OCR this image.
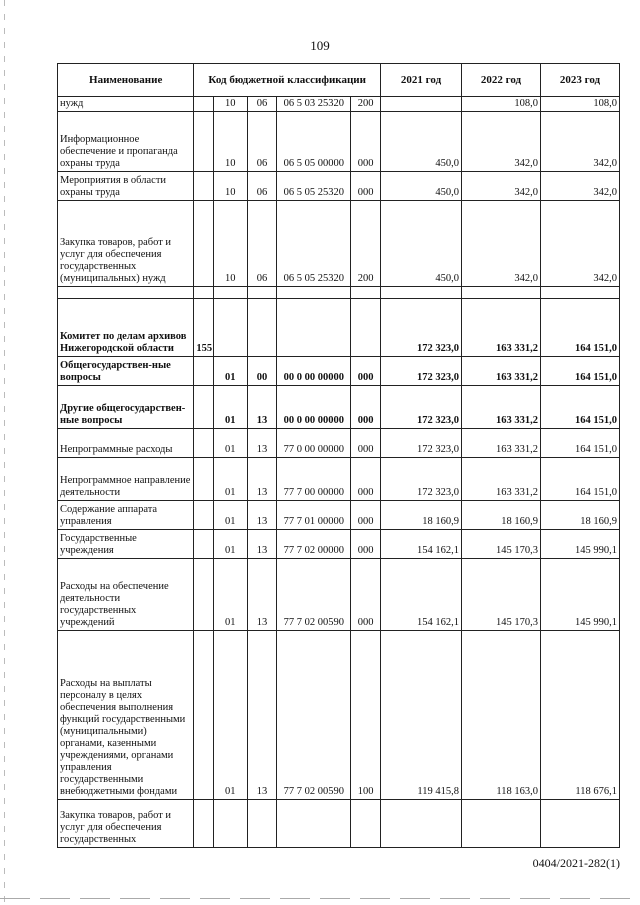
109
Наименование	Код бюджетной классификации					2021 год	2022 год	2023 год
нужд		10	06	06 5 03 25320	200		108,0	108,0
Информационное обеспечение и пропаганда охраны труда		10	06	06 5 05 00000	000	450,0	342,0	342,0
Мероприятия в области охраны труда		10	06	06 5 05 25320	000	450,0	342,0	342,0
Закупка товаров, работ и услуг для обеспечения государственных (муниципальных) нужд		10	06	06 5 05 25320	200	450,0	342,0	342,0

Комитет по делам архивов Нижегородской области	155					172 323,0	163 331,2	164 151,0
Общегосударствен-ные вопросы		01	00	00 0 00 00000	000	172 323,0	163 331,2	164 151,0
Другие общегосударствен-ные вопросы		01	13	00 0 00 00000	000	172 323,0	163 331,2	164 151,0
Непрограммные расходы		01	13	77 0 00 00000	000	172 323,0	163 331,2	164 151,0
Непрограммное направление деятельности		01	13	77 7 00 00000	000	172 323,0	163 331,2	164 151,0
Содержание аппарата управления		01	13	77 7 01 00000	000	18 160,9	18 160,9	18 160,9
Государственные учреждения		01	13	77 7 02 00000	000	154 162,1	145 170,3	145 990,1
Расходы на обеспечение деятельности государственных учреждений		01	13	77 7 02 00590	000	154 162,1	145 170,3	145 990,1
Расходы на выплаты персоналу в целях обеспечения выполнения функций государственными (муниципальными) органами, казенными учреждениями, органами управления государственными внебюджетными фондами		01	13	77 7 02 00590	100	119 415,8	118 163,0	118 676,1
Закупка товаров, работ и услуг для обеспечения государственных								
0404/2021-282(1)
